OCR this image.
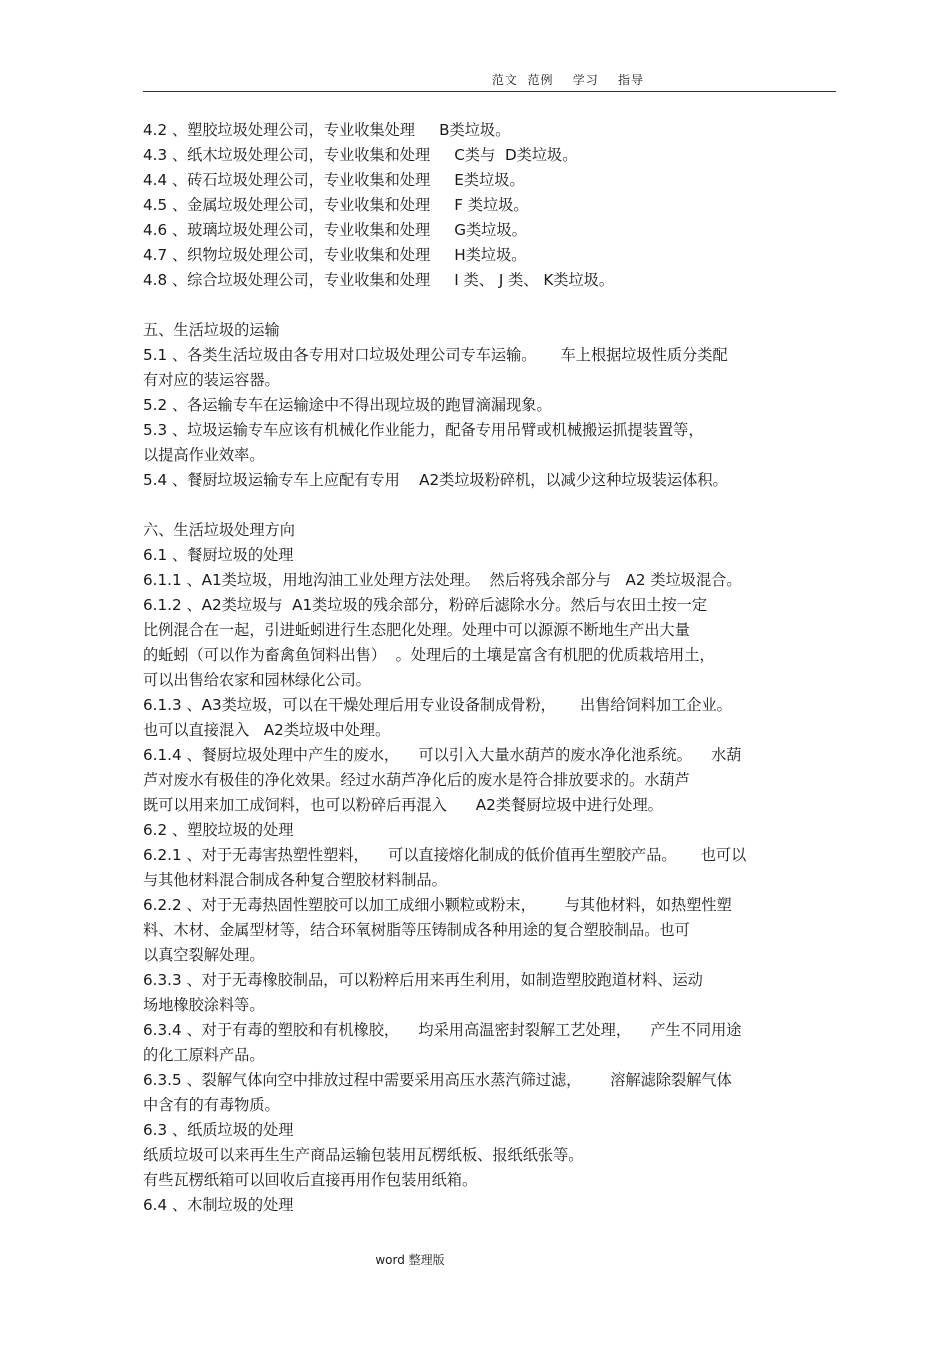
范文  范例    学习    指导
4.2 、塑胶垃圾处理公司，专业收集处理     B类垃圾。
4.3 、纸木垃圾处理公司，专业收集和处理     C类与  D类垃圾。
4.4 、砖石垃圾处理公司，专业收集和处理     E类垃圾。
4.5 、金属垃圾处理公司，专业收集和处理     F 类垃圾。
4.6 、玻璃垃圾处理公司，专业收集和处理     G类垃圾。
4.7 、织物垃圾处理公司，专业收集和处理     H类垃圾。
4.8 、综合垃圾处理公司，专业收集和处理     I 类、 J 类、 K类垃圾。
五、生活垃圾的运输
5.1 、各类生活垃圾由各专用对口垃圾处理公司专车运输。     车上根据垃圾性质分类配
有对应的装运容器。
5.2 、各运输专车在运输途中不得出现垃圾的跑冒滴漏现象。
5.3 、垃圾运输专车应该有机械化作业能力，配备专用吊臂或机械搬运抓提装置等，
以提高作业效率。
5.4 、餐厨垃圾运输专车上应配有专用    A2类垃圾粉碎机，以减少这种垃圾装运体积。
六、生活垃圾处理方向
6.1 、餐厨垃圾的处理
6.1.1 、A1类垃圾，用地沟油工业处理方法处理。  然后将残余部分与   A2 类垃圾混合。
6.1.2 、A2类垃圾与  A1类垃圾的残余部分，粉碎后滤除水分。然后与农田土按一定
比例混合在一起，引进蚯蚓进行生态肥化处理。处理中可以源源不断地生产出大量
的蚯蚓（可以作为畜禽鱼饲料出售）  。处理后的土壤是富含有机肥的优质栽培用土，
可以出售给农家和园林绿化公司。
6.1.3 、A3类垃圾，可以在干燥处理后用专业设备制成骨粉，     出售给饲料加工企业。
也可以直接混入   A2类垃圾中处理。
6.1.4 、餐厨垃圾处理中产生的废水，    可以引入大量水葫芦的废水净化池系统。    水葫
芦对废水有极佳的净化效果。经过水葫芦净化后的废水是符合排放要求的。水葫芦
既可以用来加工成饲料，也可以粉碎后再混入      A2类餐厨垃圾中进行处理。
6.2 、塑胶垃圾的处理
6.2.1 、对于无毒害热塑性塑料，    可以直接熔化制成的低价值再生塑胶产品。     也可以
与其他材料混合制成各种复合塑胶材料制品。
6.2.2 、对于无毒热固性塑胶可以加工成细小颗粒或粉末，      与其他材料，如热塑性塑
料、木材、金属型材等，结合环氧树脂等压铸制成各种用途的复合塑胶制品。也可
以真空裂解处理。
6.3.3 、对于无毒橡胶制品，可以粉粹后用来再生利用，如制造塑胶跑道材料、运动
场地橡胶涂料等。
6.3.4 、对于有毒的塑胶和有机橡胶，    均采用高温密封裂解工艺处理，    产生不同用途
的化工原料产品。
6.3.5 、裂解气体向空中排放过程中需要采用高压水蒸汽筛过滤，      溶解滤除裂解气体
中含有的有毒物质。
6.3 、纸质垃圾的处理
纸质垃圾可以来再生生产商品运输包装用瓦楞纸板、报纸纸张等。
有些瓦楞纸箱可以回收后直接再用作包装用纸箱。
6.4 、木制垃圾的处理
word 整理版
